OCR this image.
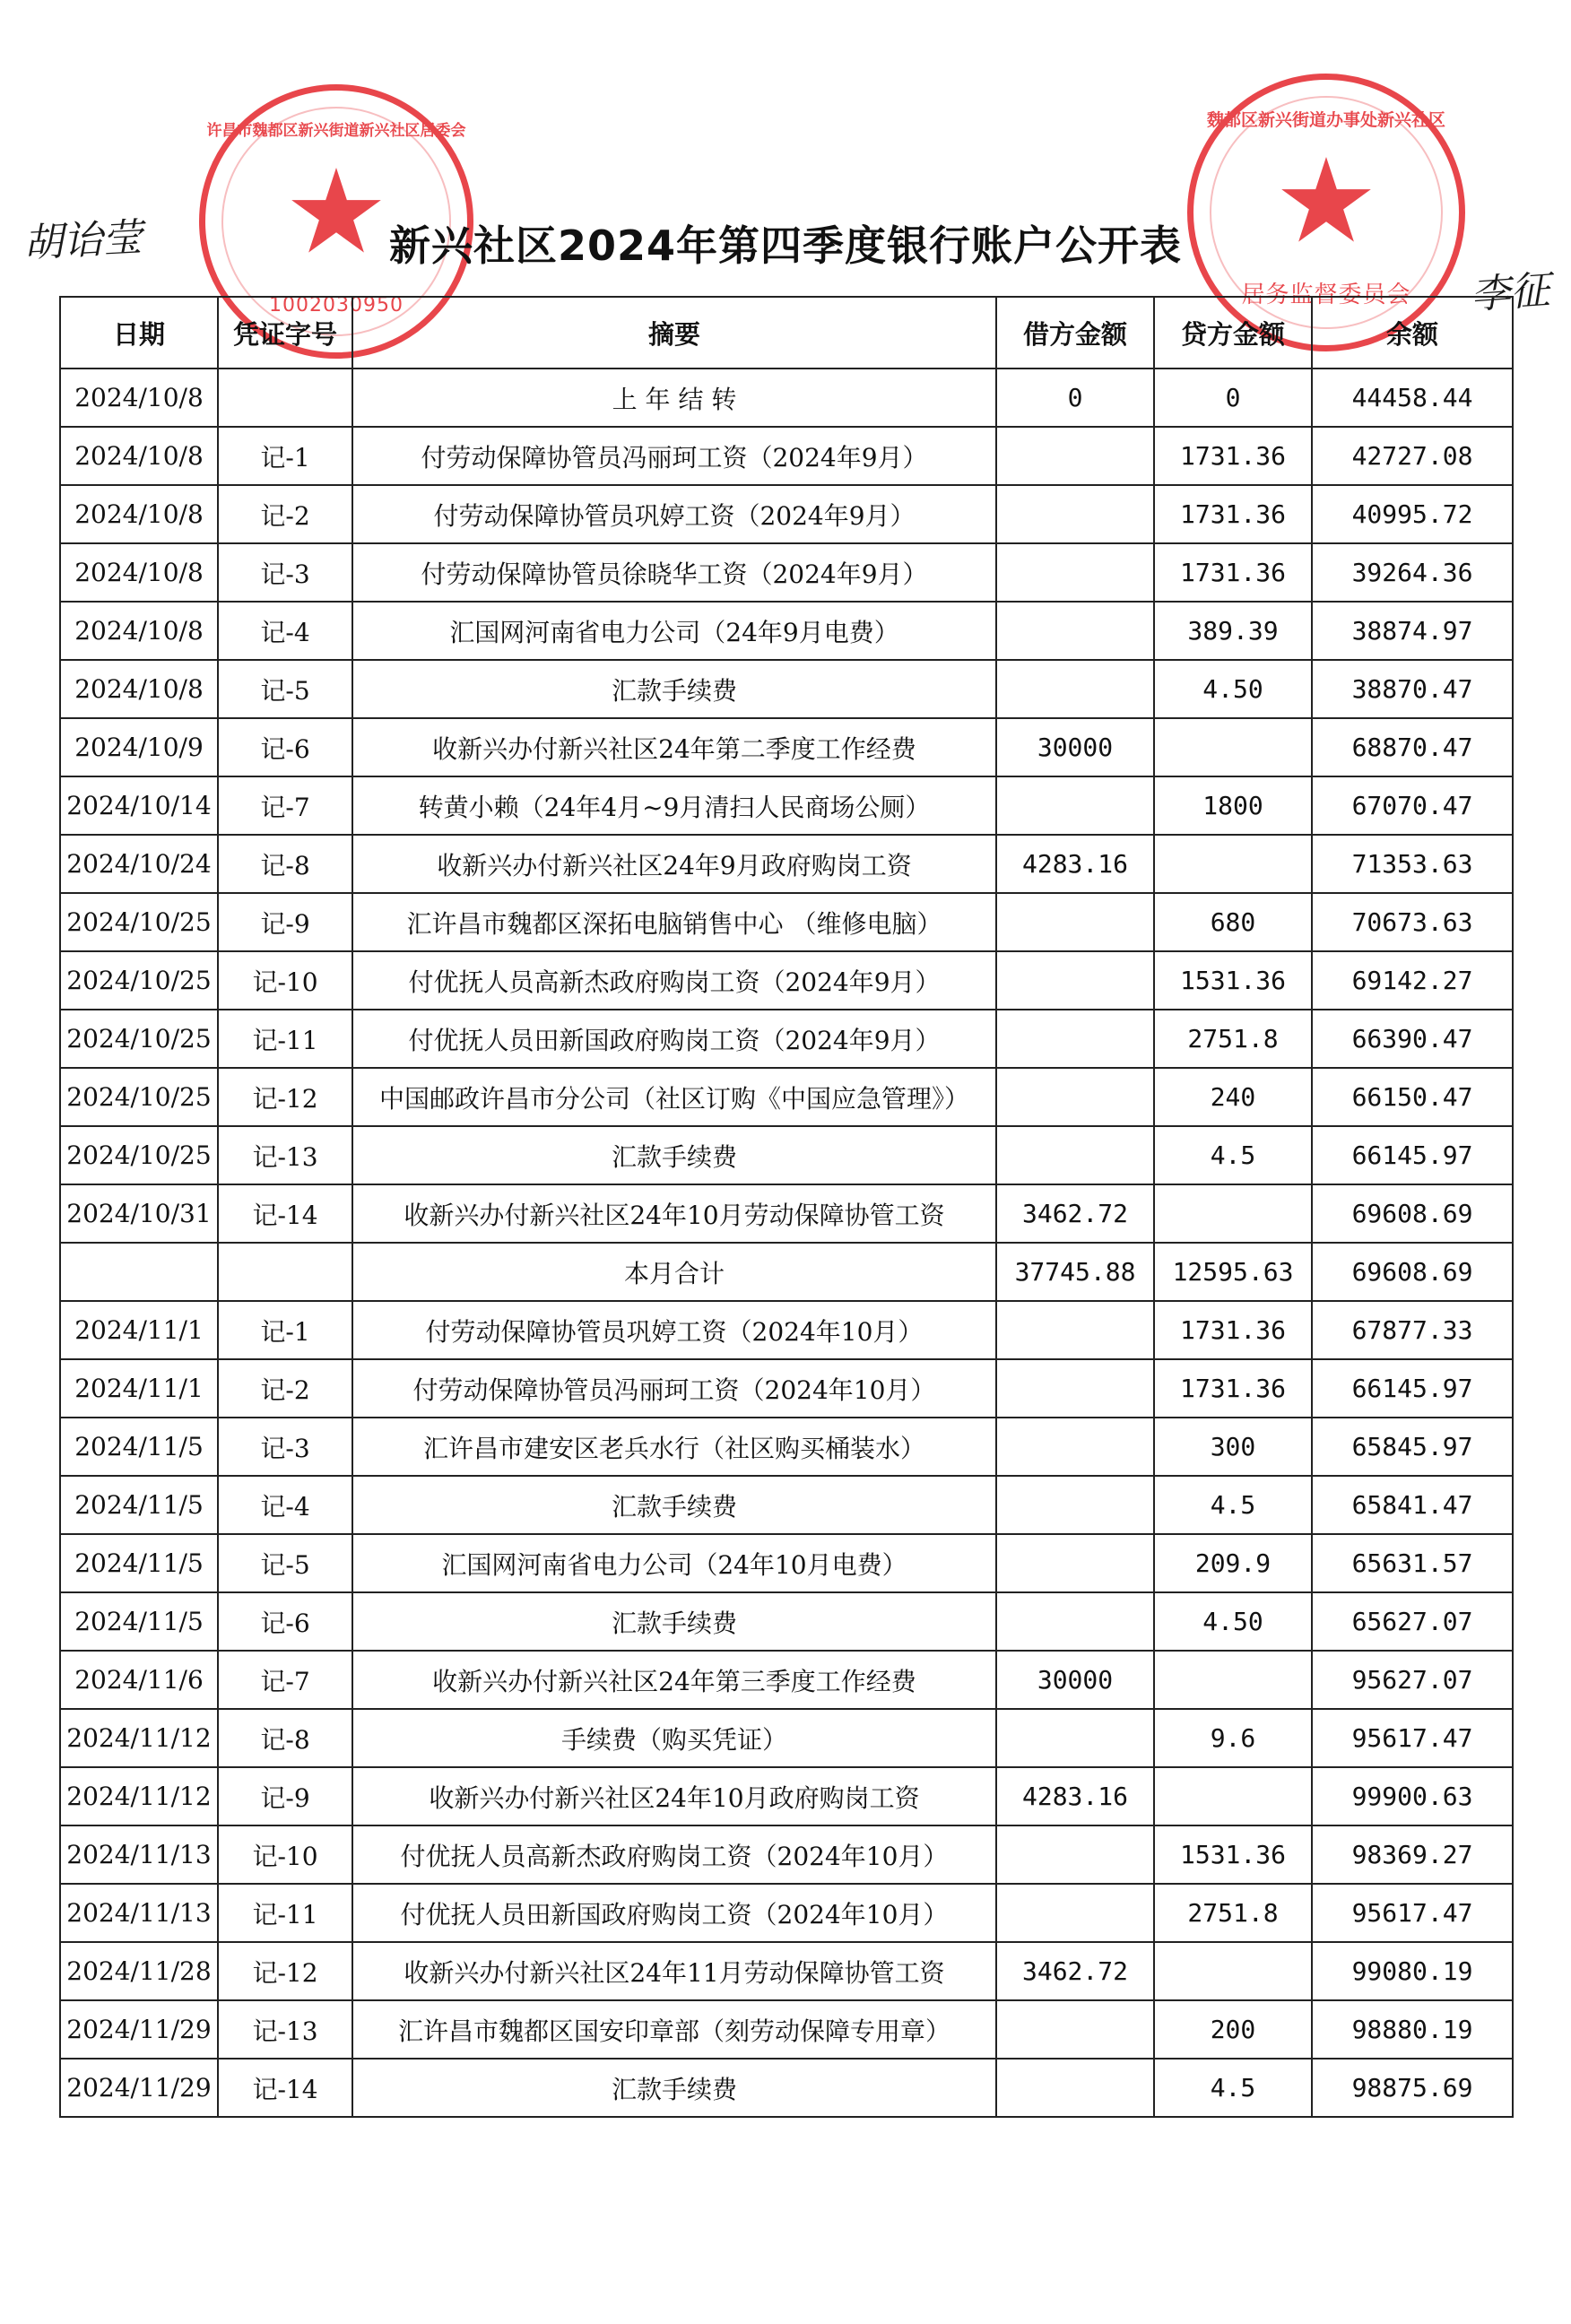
胡诒莹
许昌市魏都区新兴街道新兴社区居委会
★
1002030950
魏都区新兴街道办事处新兴社区
★
居务监督委员会
新兴社区2024年第四季度银行账户公开表
李征
日期	凭证字号	摘要	借方金额	贷方金额	余额
2024/10/8		上 年 结 转	0	0	44458.44
2024/10/8	记-1	付劳动保障协管员冯丽珂工资（2024年9月）		1731.36	42727.08
2024/10/8	记-2	付劳动保障协管员巩婷工资（2024年9月）		1731.36	40995.72
2024/10/8	记-3	付劳动保障协管员徐晓华工资（2024年9月）		1731.36	39264.36
2024/10/8	记-4	汇国网河南省电力公司（24年9月电费）		389.39	38874.97
2024/10/8	记-5	汇款手续费		4.50	38870.47
2024/10/9	记-6	收新兴办付新兴社区24年第二季度工作经费	30000		68870.47
2024/10/14	记-7	转黄小赖（24年4月~9月清扫人民商场公厕）		1800	67070.47
2024/10/24	记-8	收新兴办付新兴社区24年9月政府购岗工资	4283.16		71353.63
2024/10/25	记-9	汇许昌市魏都区深拓电脑销售中心 （维修电脑）		680	70673.63
2024/10/25	记-10	付优抚人员高新杰政府购岗工资（2024年9月）		1531.36	69142.27
2024/10/25	记-11	付优抚人员田新国政府购岗工资（2024年9月）		2751.8	66390.47
2024/10/25	记-12	中国邮政许昌市分公司（社区订购《中国应急管理》）		240	66150.47
2024/10/25	记-13	汇款手续费		4.5	66145.97
2024/10/31	记-14	收新兴办付新兴社区24年10月劳动保障协管工资	3462.72		69608.69
		本月合计	37745.88	12595.63	69608.69
2024/11/1	记-1	付劳动保障协管员巩婷工资（2024年10月）		1731.36	67877.33
2024/11/1	记-2	付劳动保障协管员冯丽珂工资（2024年10月）		1731.36	66145.97
2024/11/5	记-3	汇许昌市建安区老兵水行（社区购买桶装水）		300	65845.97
2024/11/5	记-4	汇款手续费		4.5	65841.47
2024/11/5	记-5	汇国网河南省电力公司（24年10月电费）		209.9	65631.57
2024/11/5	记-6	汇款手续费		4.50	65627.07
2024/11/6	记-7	收新兴办付新兴社区24年第三季度工作经费	30000		95627.07
2024/11/12	记-8	手续费（购买凭证）		9.6	95617.47
2024/11/12	记-9	收新兴办付新兴社区24年10月政府购岗工资	4283.16		99900.63
2024/11/13	记-10	付优抚人员高新杰政府购岗工资（2024年10月）		1531.36	98369.27
2024/11/13	记-11	付优抚人员田新国政府购岗工资（2024年10月）		2751.8	95617.47
2024/11/28	记-12	收新兴办付新兴社区24年11月劳动保障协管工资	3462.72		99080.19
2024/11/29	记-13	汇许昌市魏都区国安印章部（刻劳动保障专用章）		200	98880.19
2024/11/29	记-14	汇款手续费		4.5	98875.69
